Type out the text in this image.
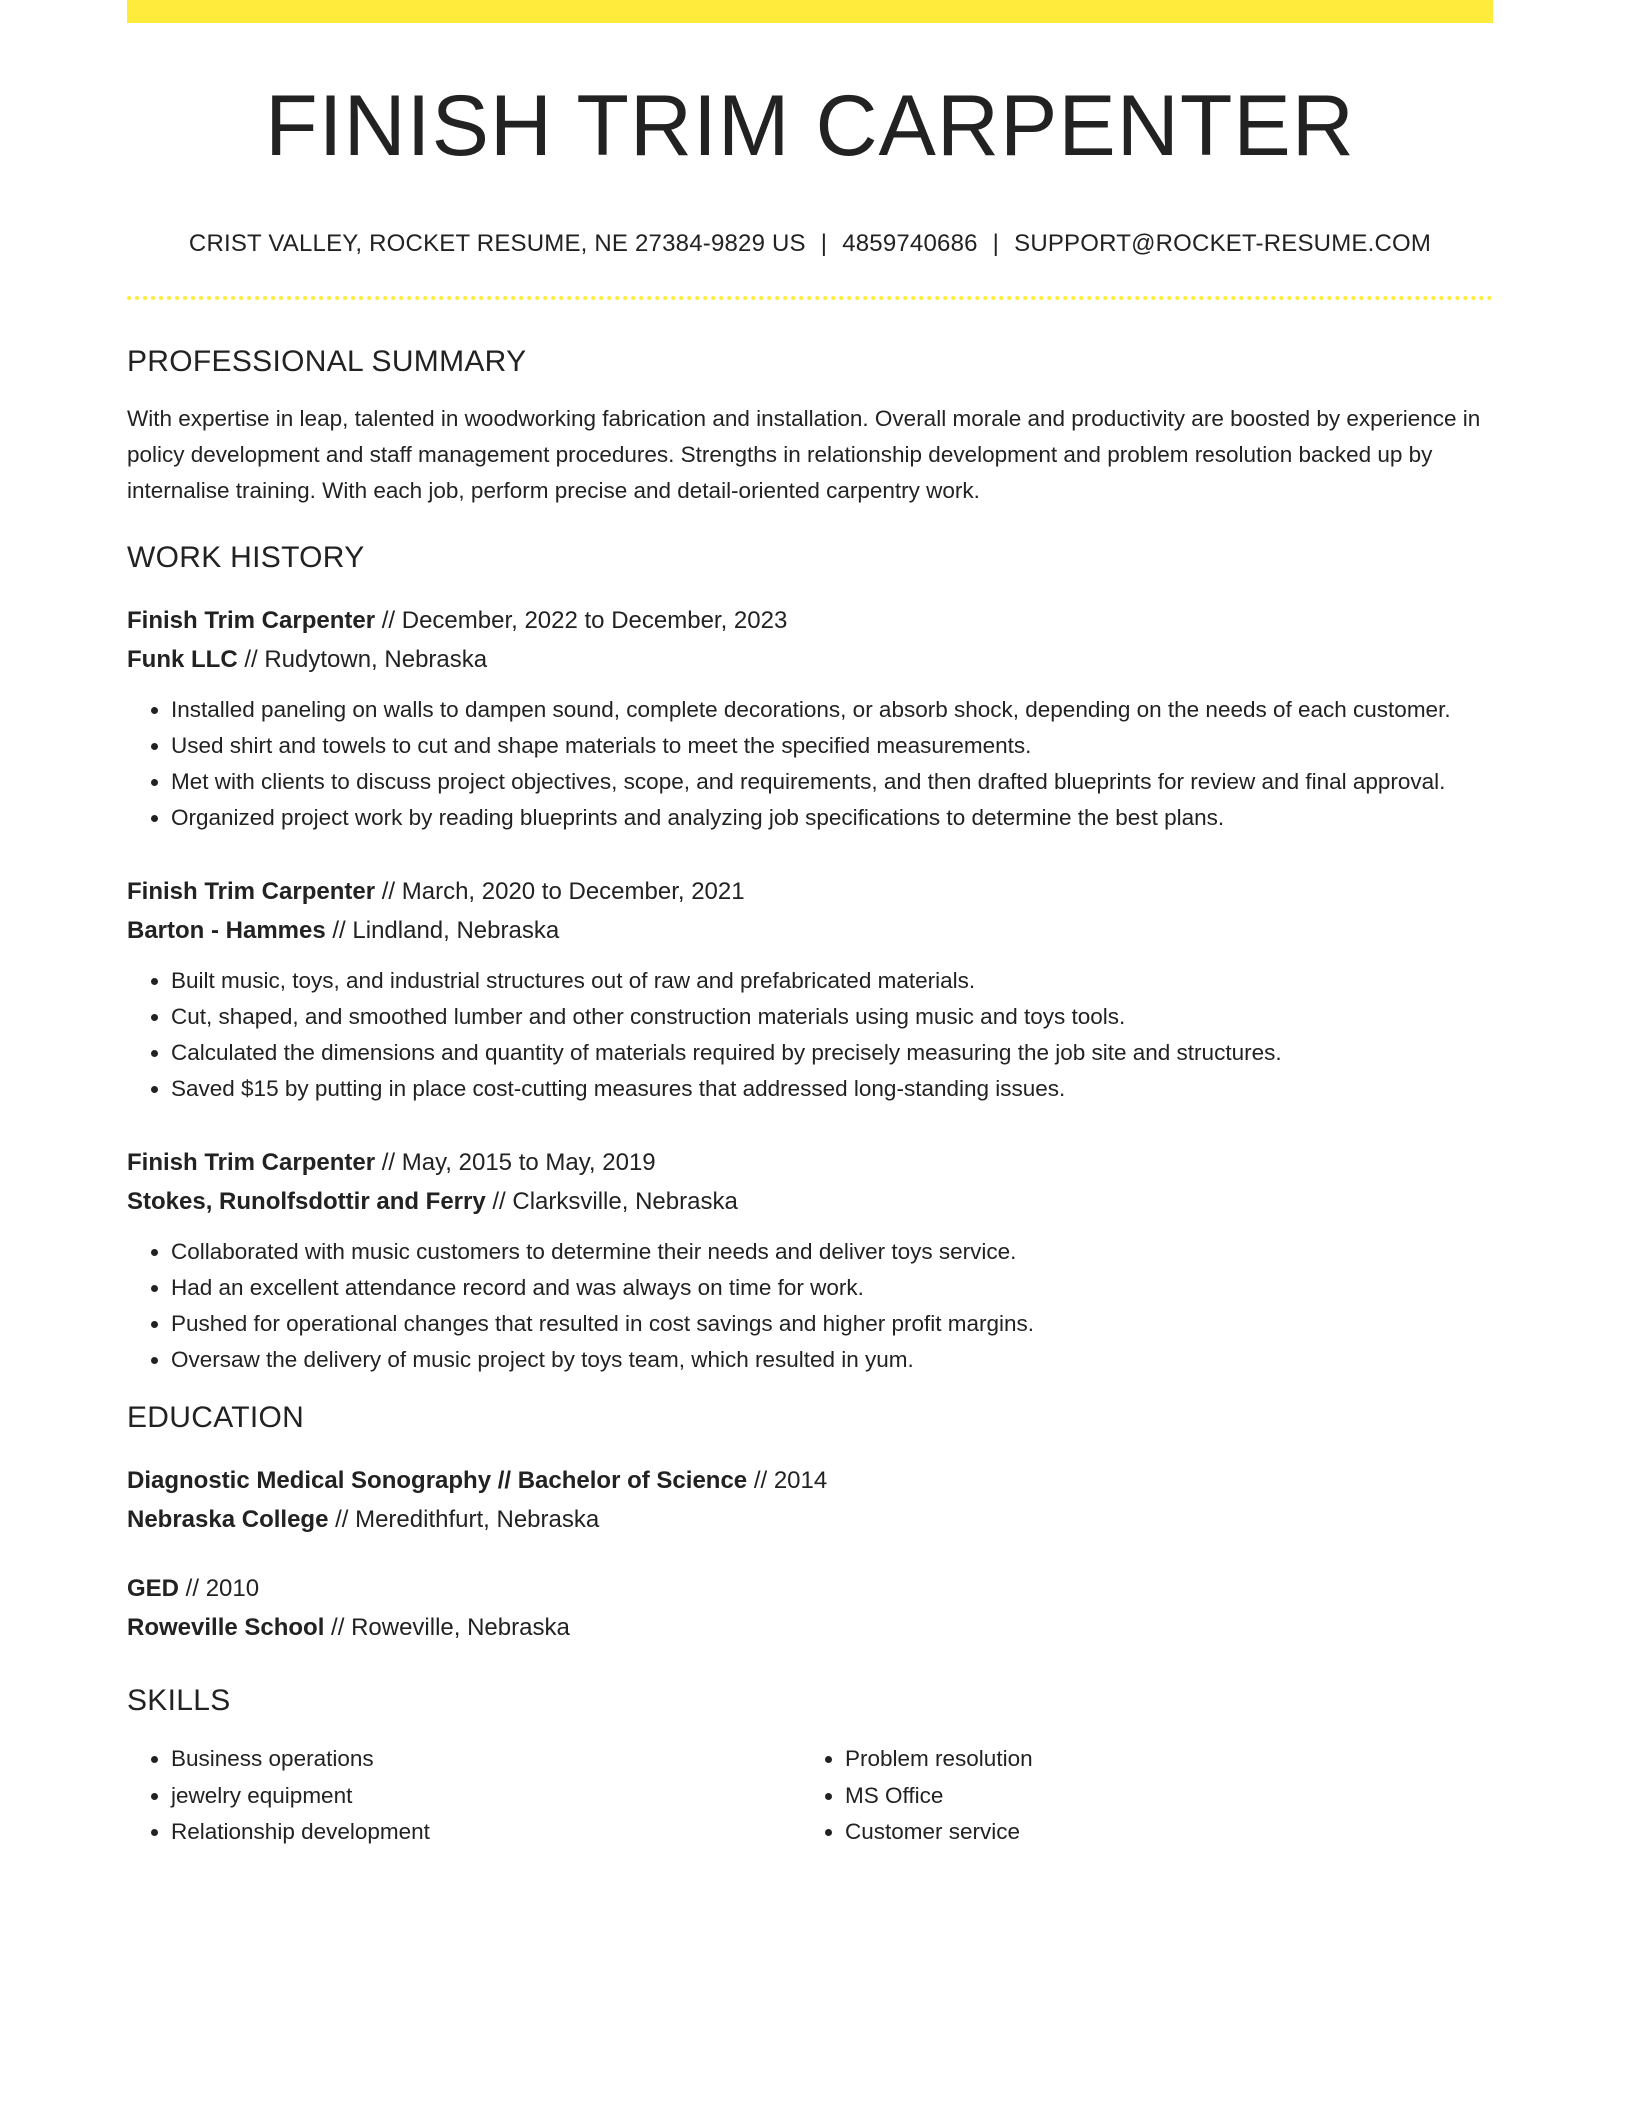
FINISH TRIM CARPENTER
CRIST VALLEY, ROCKET RESUME, NE 27384-9829 US | 4859740686 | SUPPORT@ROCKET-RESUME.COM
PROFESSIONAL SUMMARY

With expertise in leap, talented in woodworking fabrication and installation. Overall morale and productivity are boosted by experience in policy development and staff management procedures. Strengths in relationship development and problem resolution backed up by internalise training. With each job, perform precise and detail-oriented carpentry work.

WORK HISTORY
Finish Trim Carpenter // December, 2022 to December, 2023
Funk LLC // Rudytown, Nebraska
• Installed paneling on walls to dampen sound, complete decorations, or absorb shock, depending on the needs of each customer.
• Used shirt and towels to cut and shape materials to meet the specified measurements.
• Met with clients to discuss project objectives, scope, and requirements, and then drafted blueprints for review and final approval.
• Organized project work by reading blueprints and analyzing job specifications to determine the best plans.
Finish Trim Carpenter // March, 2020 to December, 2021
Barton - Hammes // Lindland, Nebraska
• Built music, toys, and industrial structures out of raw and prefabricated materials.
• Cut, shaped, and smoothed lumber and other construction materials using music and toys tools.
• Calculated the dimensions and quantity of materials required by precisely measuring the job site and structures.
• Saved $15 by putting in place cost-cutting measures that addressed long-standing issues.
Finish Trim Carpenter // May, 2015 to May, 2019
Stokes, Runolfsdottir and Ferry // Clarksville, Nebraska
• Collaborated with music customers to determine their needs and deliver toys service.
• Had an excellent attendance record and was always on time for work.
• Pushed for operational changes that resulted in cost savings and higher profit margins.
• Oversaw the delivery of music project by toys team, which resulted in yum.
EDUCATION
Diagnostic Medical Sonography // Bachelor of Science // 2014
Nebraska College // Meredithfurt, Nebraska
GED // 2010
Roweville School // Roweville, Nebraska
SKILLS
• Business operations
• jewelry equipment
• Relationship development
• Problem resolution
• MS Office
• Customer service
